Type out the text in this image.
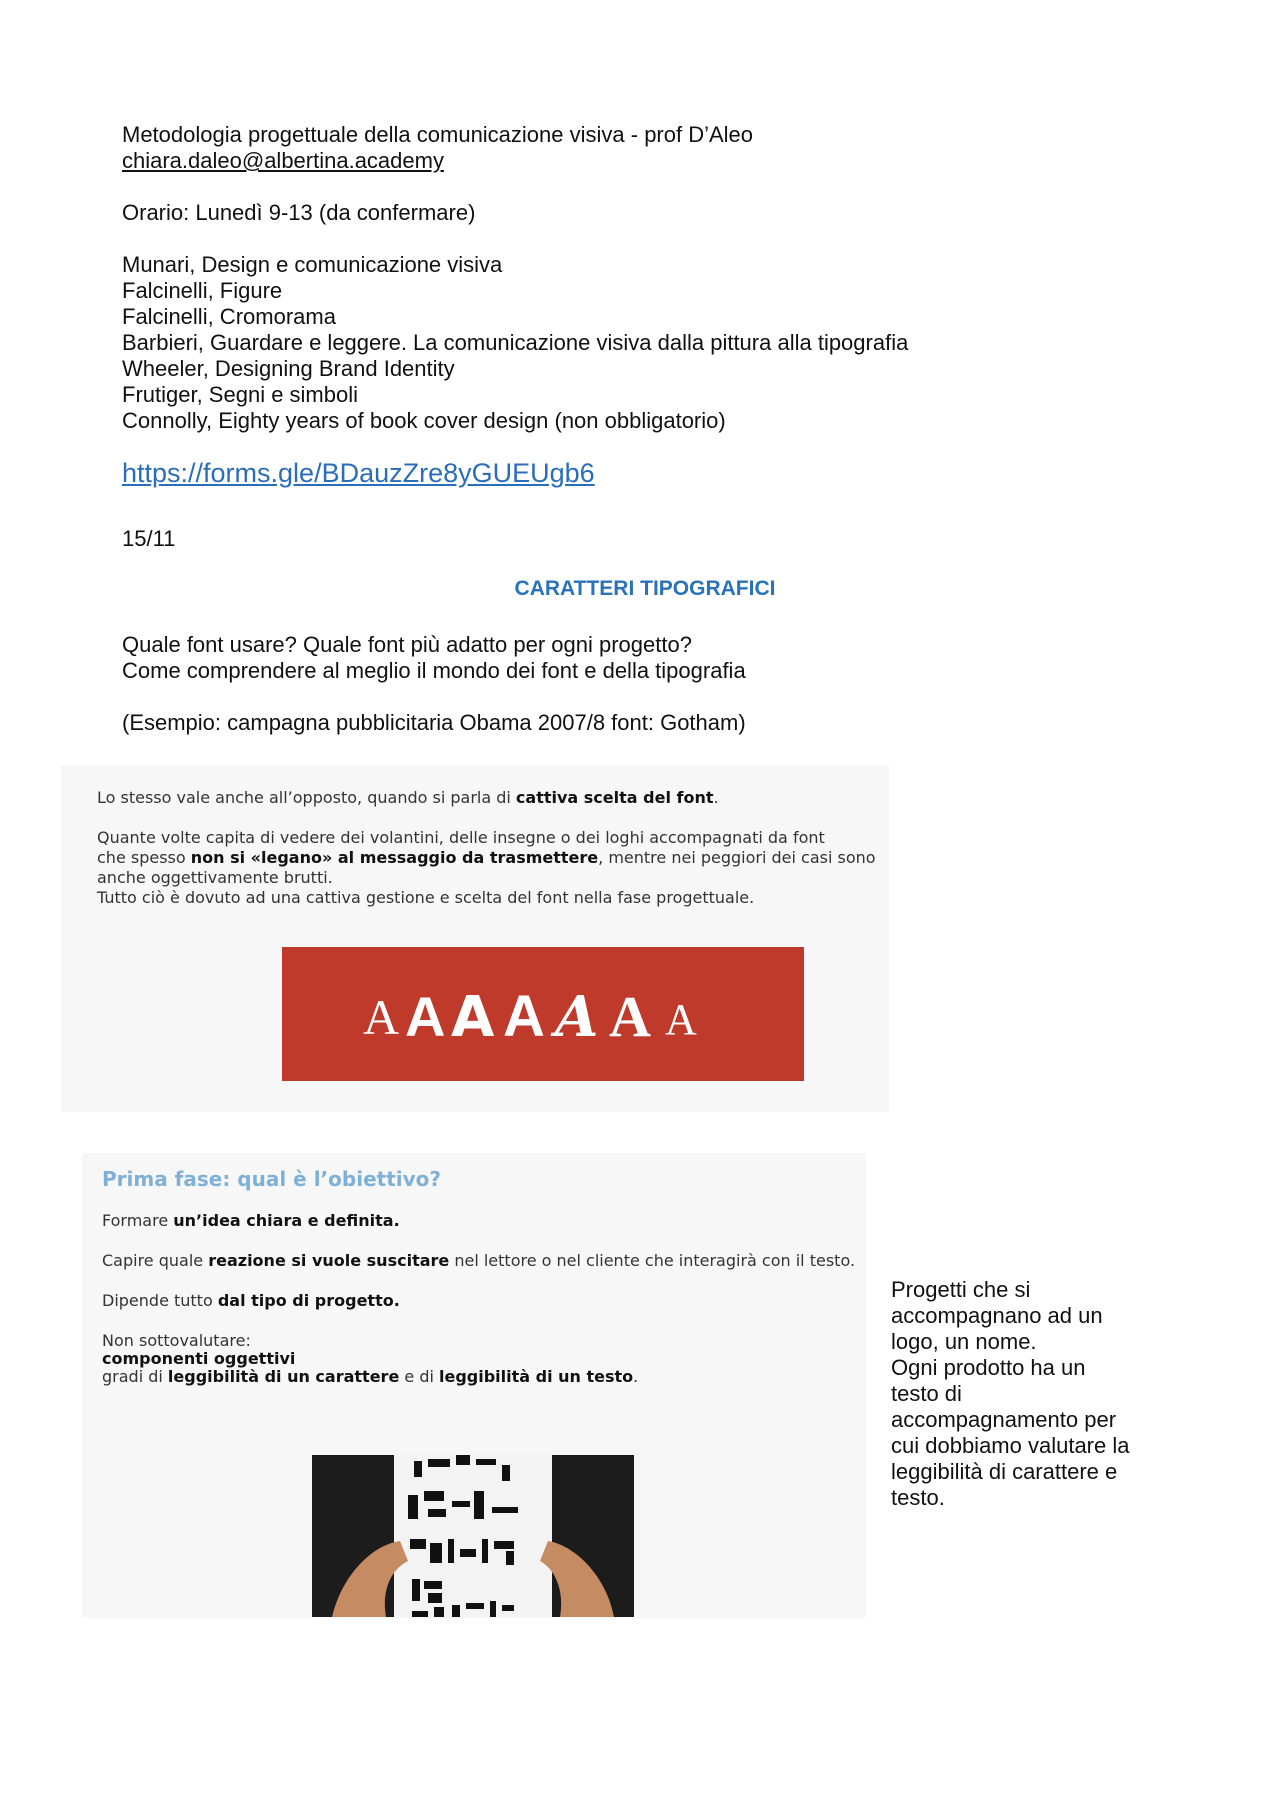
Metodologia progettuale della comunicazione visiva - prof D’Aleo
chiara.daleo@albertina.academy
Orario: Lunedì 9-13 (da confermare)
Munari, Design e comunicazione visiva
Falcinelli, Figure
Falcinelli, Cromorama
Barbieri, Guardare e leggere. La comunicazione visiva dalla pittura alla tipografia
Wheeler, Designing Brand Identity
Frutiger, Segni e simboli
Connolly, Eighty years of book cover design (non obbligatorio)
https://forms.gle/BDauzZre8yGUEUgb6
15/11
CARATTERI TIPOGRAFICI
Quale font usare? Quale font più adatto per ogni progetto?
Come comprendere al meglio il mondo dei font e della tipografia
(Esempio: campagna pubblicitaria Obama 2007/8 font: Gotham)

Lo stesso vale anche all’opposto, quando si parla di cattiva scelta del font.

Quante volte capita di vedere dei volantini, delle insegne o dei loghi accompagnati da font

che spesso non si «legano» al messaggio da trasmettere, mentre nei peggiori dei casi sono

anche oggettivamente brutti.

Tutto ciò è dovuto ad una cattiva gestione e scelta del font nella fase progettuale.

A A A A A A A
Prima fase: qual è l’obiettivo?

Formare un’idea chiara e definita.

Capire quale reazione si vuole suscitare nel lettore o nel cliente che interagirà con il testo.

Dipende tutto dal tipo di progetto.

Non sottovalutare:

componenti oggettivi

gradi di leggibilità di un carattere e di leggibilità di un testo.

Progetti che si
accompagnano ad un
logo, un nome.
Ogni prodotto ha un
testo di
accompagnamento per
cui dobbiamo valutare la
leggibilità di carattere e
testo.
